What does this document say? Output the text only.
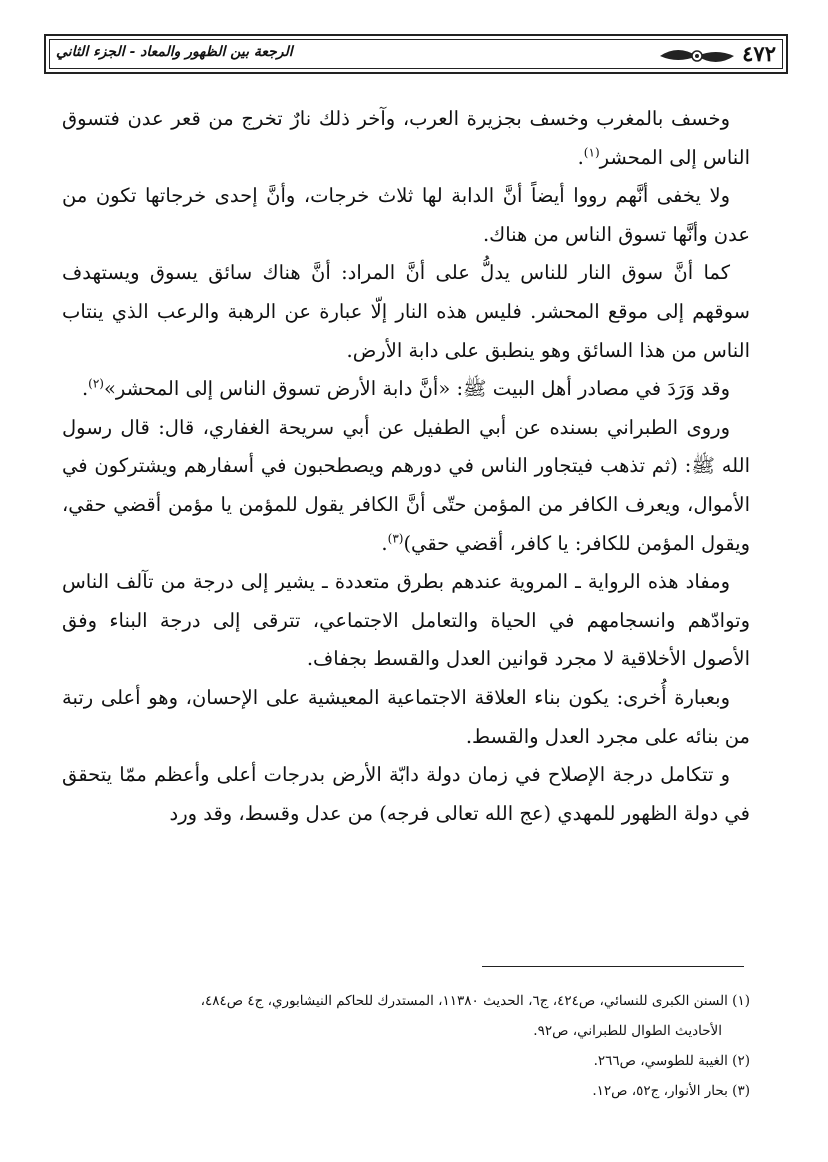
٤٧٢
الرجعة بين الظهور والمعاد - الجزء الثاني

وخسف بالمغرب وخسف بجزيرة العرب، وآخر ذلك نارٌ تخرج من قعر عدن فتسوق الناس إلى المحشر$^{(١)}$.

ولا يخفى أنَّهم رووا أيضاً أنَّ الدابة لها ثلاث خرجات، وأنَّ إحدى خرجاتها تكون من عدن وأنَّها تسوق الناس من هناك.

كما أنَّ سوق النار للناس يدلُّ على أنَّ المراد: أنَّ هناك سائق يسوق ويستهدف سوقهم إلى موقع المحشر. فليس هذه النار إلّا عبارة عن الرهبة والرعب الذي ينتاب الناس من هذا السائق وهو ينطبق على دابة الأرض.

وقد وَرَدَ في مصادر أهل البيت ﷺ: «أنَّ دابة الأرض تسوق الناس إلى المحشر»$^{(٢)}$.

وروى الطبراني بسنده عن أبي الطفيل عن أبي سريحة الغفاري، قال: قال رسول الله ﷺ: (ثم تذهب فيتجاور الناس في دورهم ويصطحبون في أسفارهم ويشتركون في الأموال، ويعرف الكافر من المؤمن حتّى أنَّ الكافر يقول للمؤمن يا مؤمن أقضي حقي، ويقول المؤمن للكافر: يا كافر، أقضي حقي)$^{(٣)}$.

ومفاد هذه الرواية ـ المروية عندهم بطرق متعددة ـ يشير إلى درجة من تآلف الناس وتوادّهم وانسجامهم في الحياة والتعامل الاجتماعي، تترقى إلى درجة البناء وفق الأصول الأخلاقية لا مجرد قوانين العدل والقسط بجفاف.

وبعبارة أُخرى: يكون بناء العلاقة الاجتماعية المعيشية على الإحسان، وهو أعلى رتبة من بنائه على مجرد العدل والقسط.

و تتكامل درجة الإصلاح في زمان دولة دابّة الأرض بدرجات أعلى وأعظم ممّا يتحقق في دولة الظهور للمهدي (عج الله تعالى فرجه) من عدل وقسط، وقد ورد

(١) السنن الكبرى للنسائي، ص٤٢٤، ج٦، الحديث ١١٣٨٠، المستدرك للحاكم النيشابوري، ج٤ ص٤٨٤،

الأحاديث الطوال للطبراني، ص٩٢.

(٢) الغيبة للطوسي، ص٢٦٦.

(٣) بحار الأنوار، ج٥٢، ص١٢.
